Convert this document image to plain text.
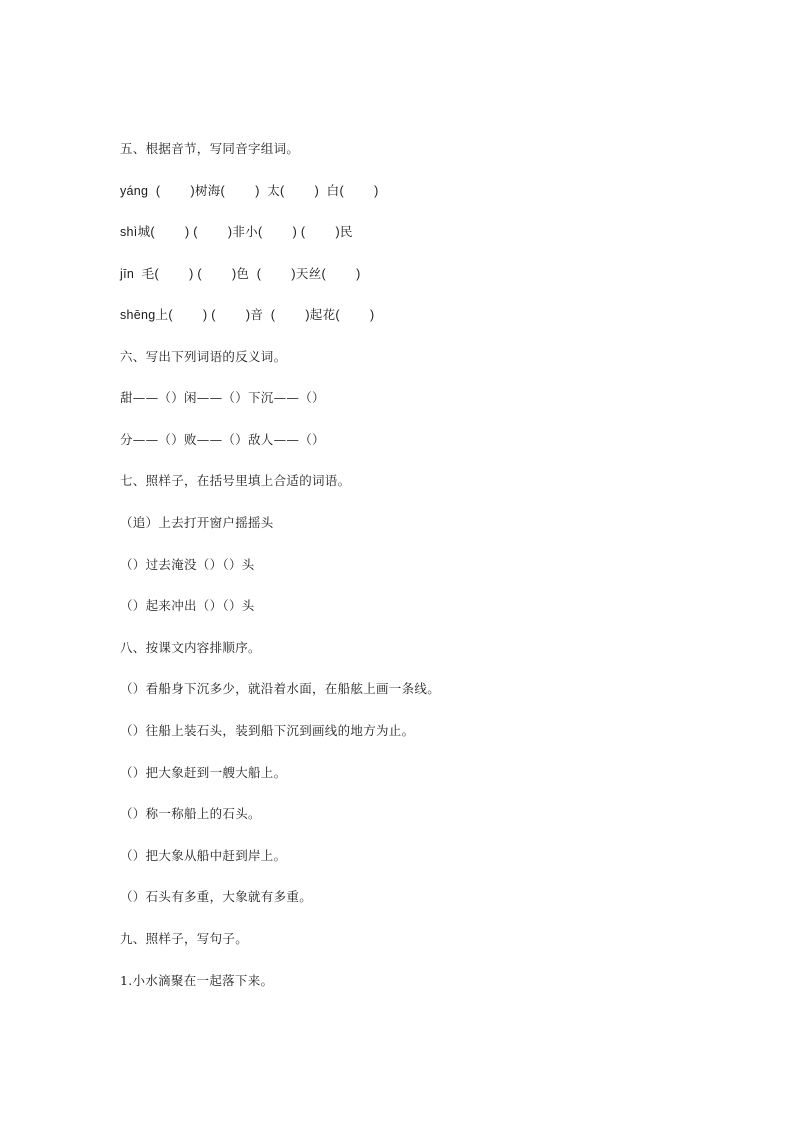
五、根据音节，写同音字组词。
yáng  (        )树海(        )  太(        )  白(        )
shì城(        ) (        )非小(        ) (        )民
jīn  毛(        ) (        )色  (        )天丝(        )
shēng上(        ) (        )音  (        )起花(        )
六、写出下列词语的反义词。
甜——（）闲——（）下沉——（）
分——（）败——（）敌人——（）
七、照样子，在括号里填上合适的词语。
（追）上去打开窗户摇摇头
（）过去淹没（）（）头
（）起来冲出（）（）头
八、按课文内容排顺序。
（）看船身下沉多少，就沿着水面，在船舷上画一条线。
（）往船上装石头，装到船下沉到画线的地方为止。
（）把大象赶到一艘大船上。
（）称一称船上的石头。
（）把大象从船中赶到岸上。
（）石头有多重，大象就有多重。
九、照样子，写句子。
1.小水滴聚在一起落下来。
